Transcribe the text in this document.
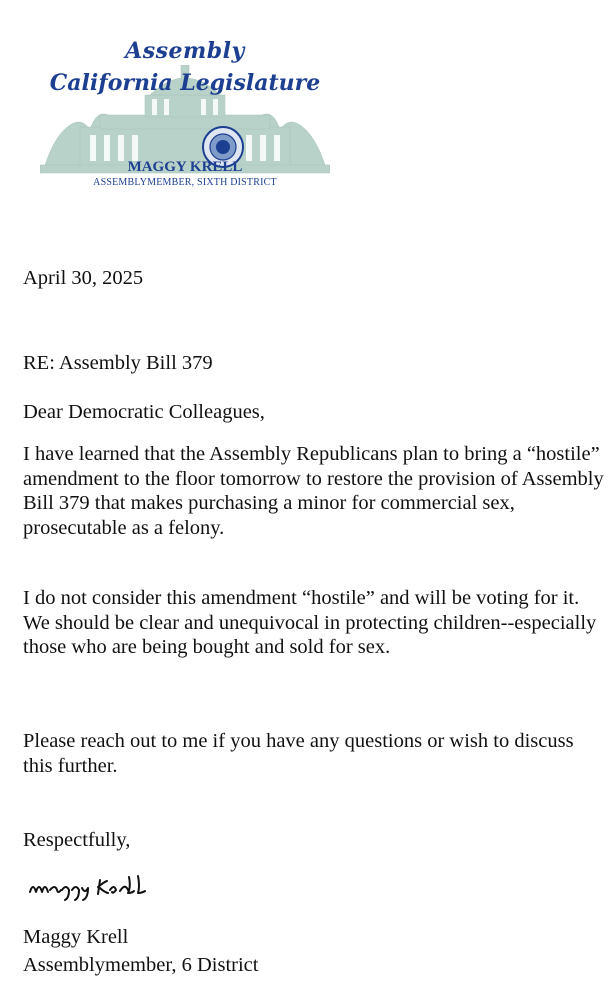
Assembly
California Legislature
MAGGY KRELL
ASSEMBLYMEMBER, SIXTH DISTRICT

April 30, 2025

RE: Assembly Bill 379

Dear Democratic Colleagues,

I have learned that the Assembly Republicans plan to bring a “hostile” amendment to the floor tomorrow to restore the provision of Assembly Bill 379 that makes purchasing a minor for commercial sex, prosecutable as a felony.

I do not consider this amendment “hostile” and will be voting for it. We should be clear and unequivocal in protecting children--especially those who are being bought and sold for sex.

Please reach out to me if you have any questions or wish to discuss this further.

Respectfully,

Maggy Krell

Assemblymember, 6 District
